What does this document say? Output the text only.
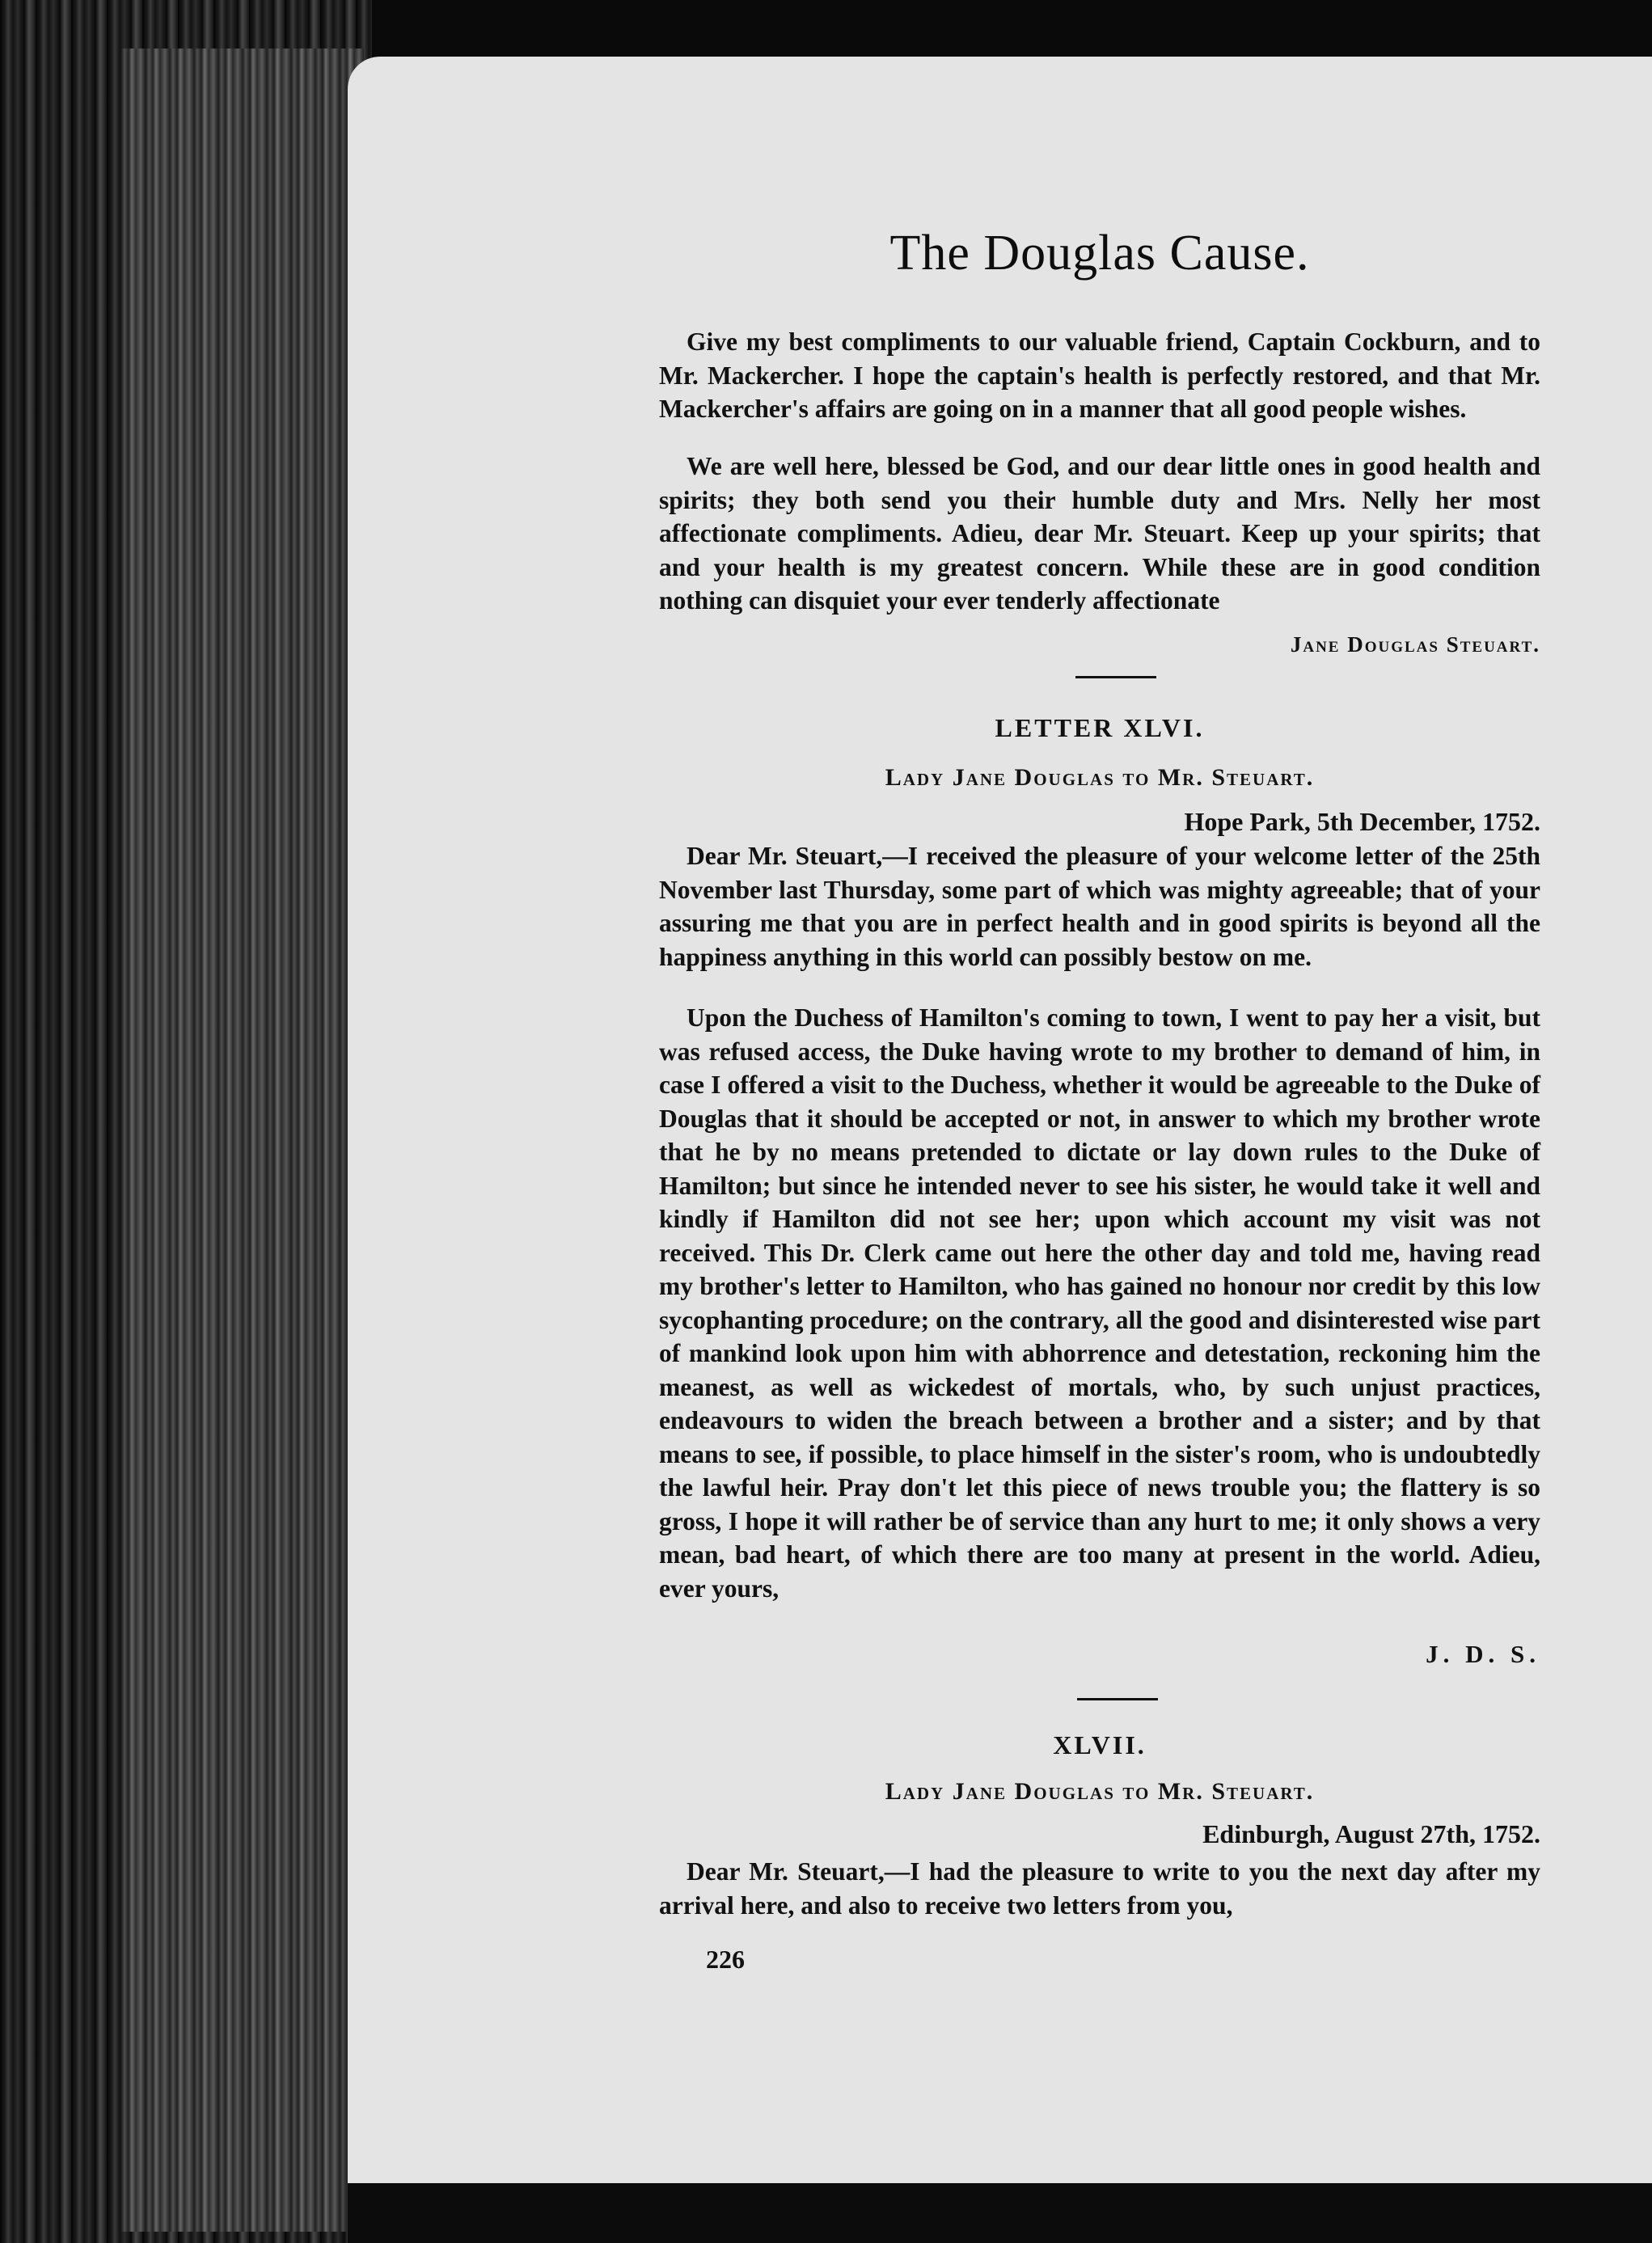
The Douglas Cause.

Give my best compliments to our valuable friend, Captain Cockburn, and to Mr. Mackercher. I hope the captain's health is perfectly restored, and that Mr. Mackercher's affairs are going on in a manner that all good people wishes.

We are well here, blessed be God, and our dear little ones in good health and spirits; they both send you their humble duty and Mrs. Nelly her most affectionate compliments. Adieu, dear Mr. Steuart. Keep up your spirits; that and your health is my greatest concern. While these are in good condition nothing can disquiet your ever tenderly affectionate

Jane Douglas Steuart.

LETTER XLVI.
Lady Jane Douglas to Mr. Steuart.

Hope Park, 5th December, 1752.

Dear Mr. Steuart,—I received the pleasure of your welcome letter of the 25th November last Thursday, some part of which was mighty agreeable; that of your assuring me that you are in perfect health and in good spirits is beyond all the happiness anything in this world can possibly bestow on me.

Upon the Duchess of Hamilton's coming to town, I went to pay her a visit, but was refused access, the Duke having wrote to my brother to demand of him, in case I offered a visit to the Duchess, whether it would be agreeable to the Duke of Douglas that it should be accepted or not, in answer to which my brother wrote that he by no means pretended to dictate or lay down rules to the Duke of Hamilton; but since he intended never to see his sister, he would take it well and kindly if Hamilton did not see her; upon which account my visit was not received. This Dr. Clerk came out here the other day and told me, having read my brother's letter to Hamilton, who has gained no honour nor credit by this low sycophanting procedure; on the contrary, all the good and disinterested wise part of mankind look upon him with abhorrence and detestation, reckoning him the meanest, as well as wickedest of mortals, who, by such unjust practices, endeavours to widen the breach between a brother and a sister; and by that means to see, if possible, to place himself in the sister's room, who is undoubtedly the lawful heir. Pray don't let this piece of news trouble you; the flattery is so gross, I hope it will rather be of service than any hurt to me; it only shows a very mean, bad heart, of which there are too many at present in the world. Adieu, ever yours,

J. D. S.

XLVII.
Lady Jane Douglas to Mr. Steuart.

Edinburgh, August 27th, 1752.

Dear Mr. Steuart,—I had the pleasure to write to you the next day after my arrival here, and also to receive two letters from you,

226
